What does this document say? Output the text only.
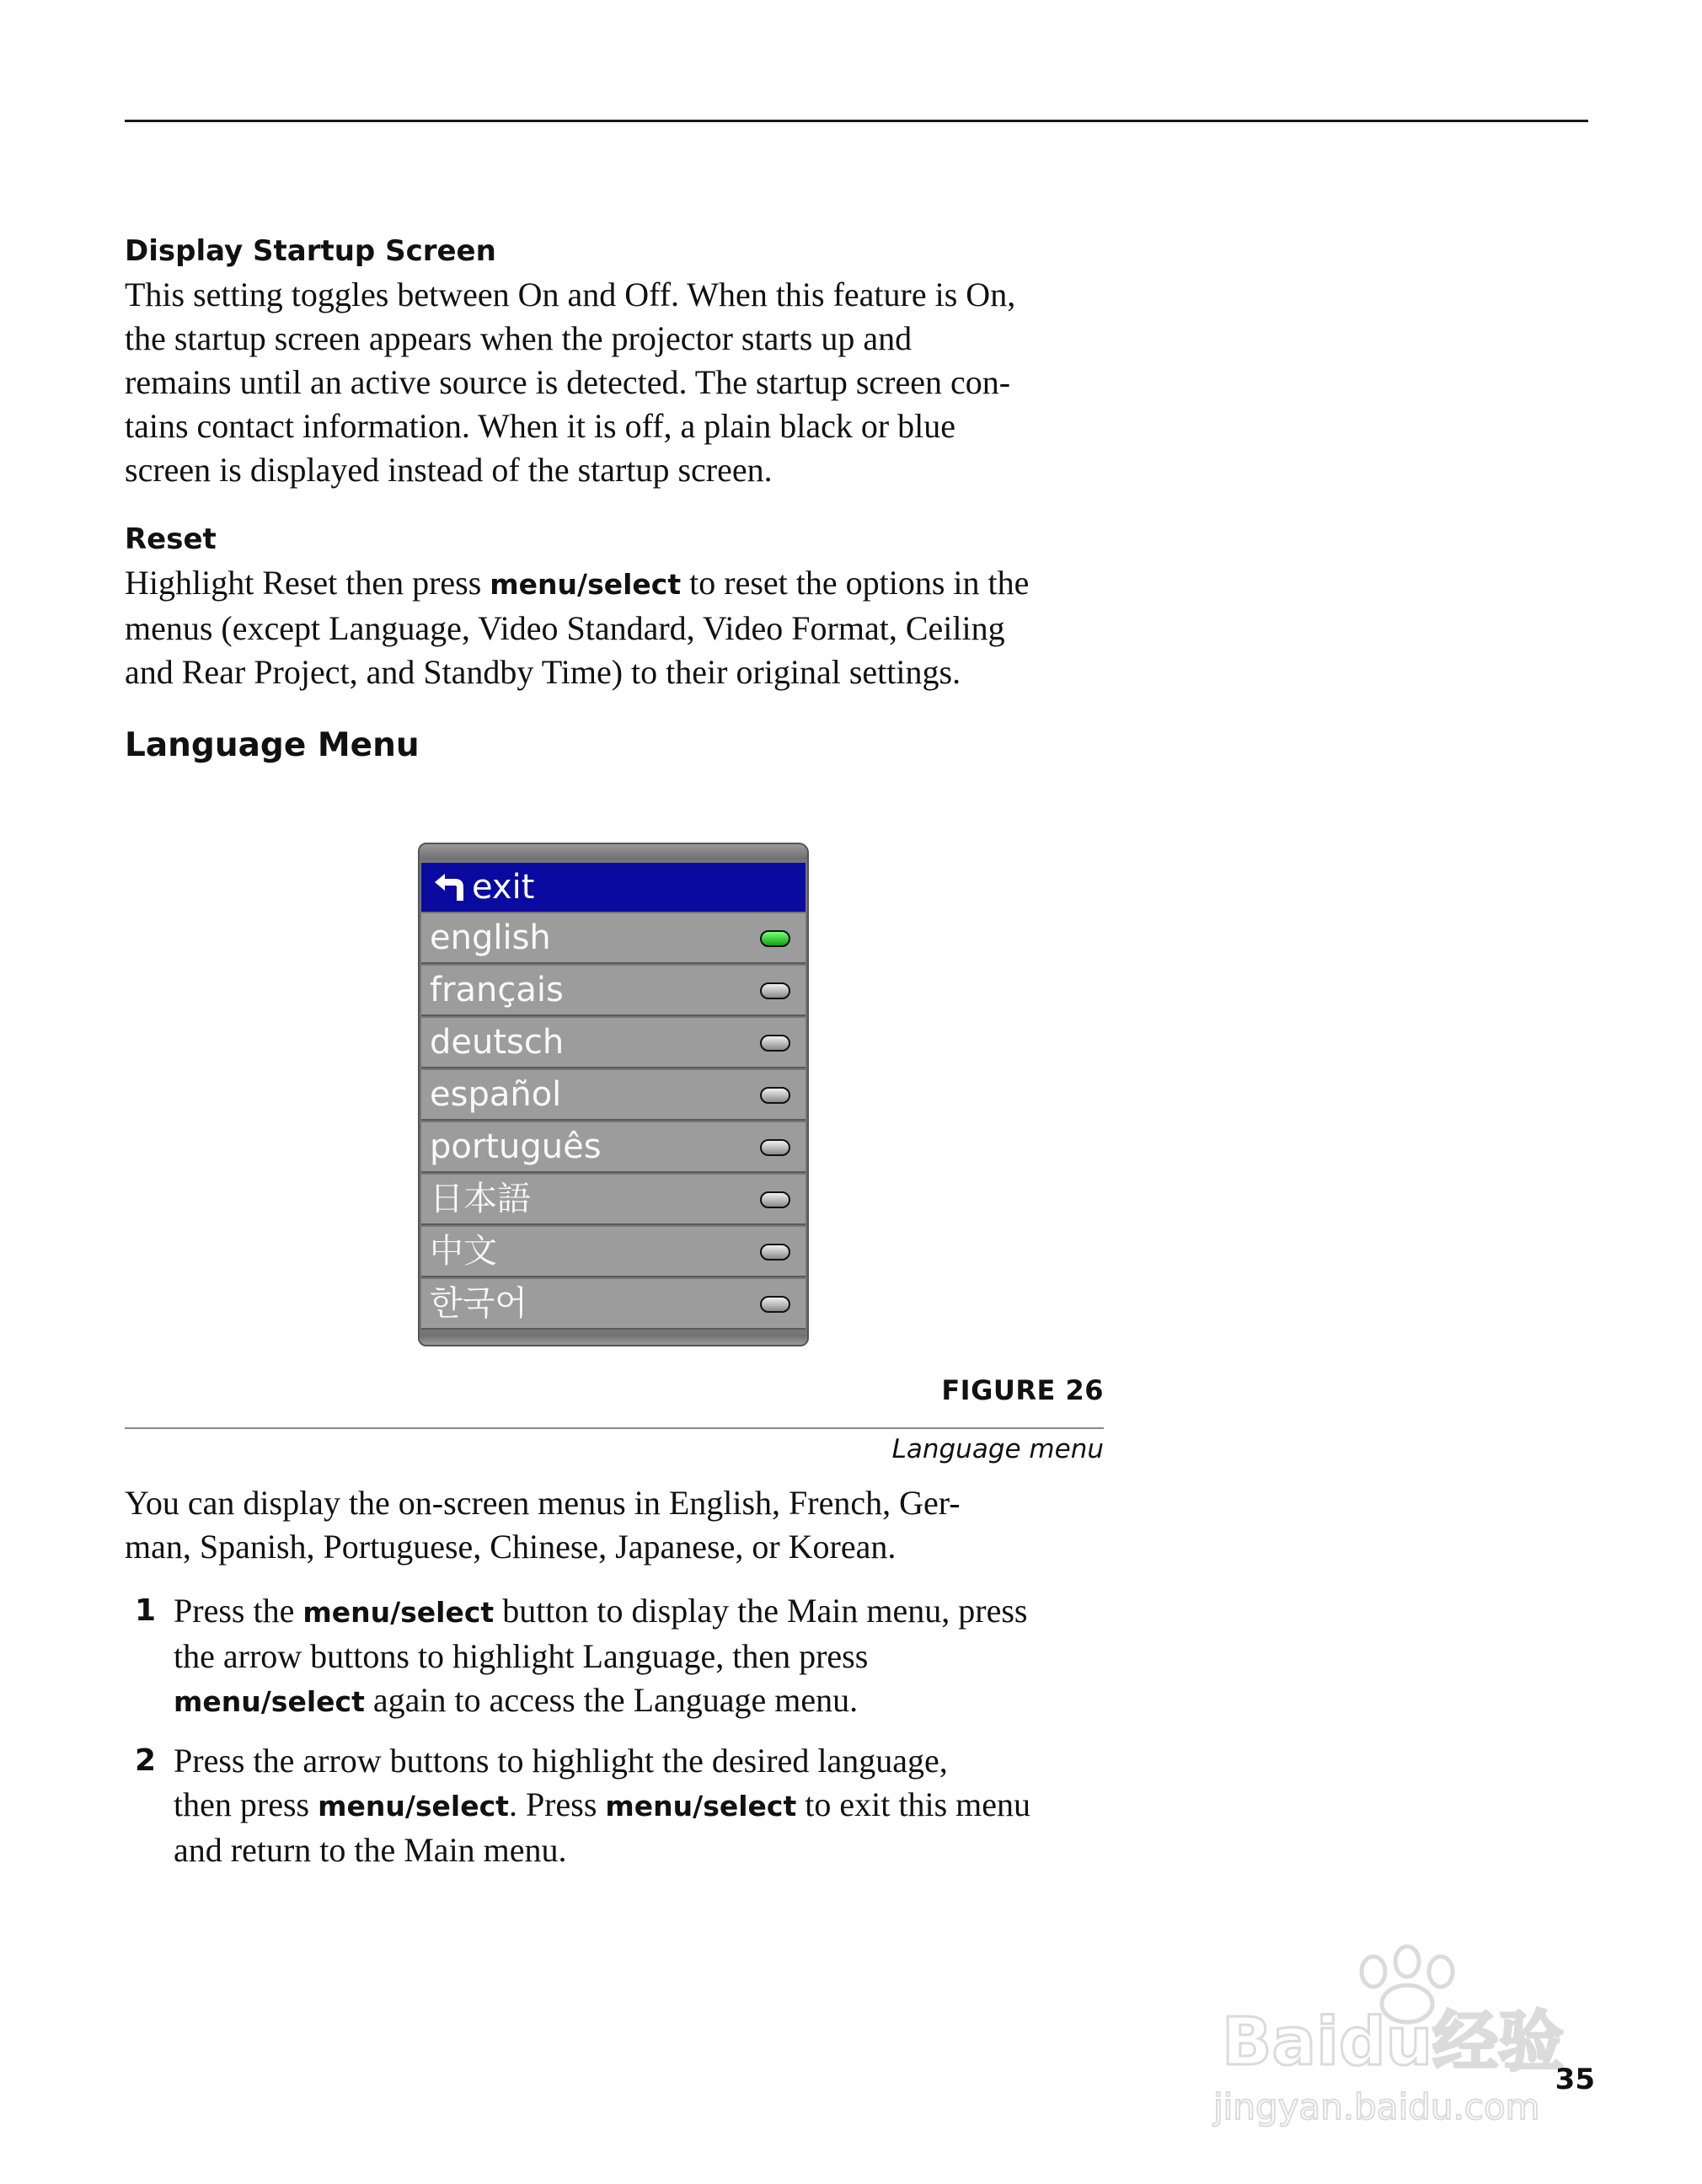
Display Startup Screen

This setting toggles between On and Off. When this feature is On,

the startup screen appears when the projector starts up and

remains until an active source is detected. The startup screen con-

tains contact information. When it is off, a plain black or blue

screen is displayed instead of the startup screen.

Reset

Highlight Reset then press menu/select to reset the options in the

menus (except Language, Video Standard, Video Format, Ceiling

and Rear Project, and Standby Time) to their original settings.

Language Menu

exit
english
français
deutsch
español
português
日本語
中文
한국어
FIGURE 26
Language menu

You can display the on-screen menus in English, French, Ger-

man, Spanish, Portuguese, Chinese, Japanese, or Korean.

1 Press the menu/select button to display the Main menu, press
the arrow buttons to highlight Language, then press
menu/select again to access the Language menu.
2 Press the arrow buttons to highlight the desired language,
then press menu/select. Press menu/select to exit this menu
and return to the Main menu.
Baidu经验
jingyan.baidu.com
35
